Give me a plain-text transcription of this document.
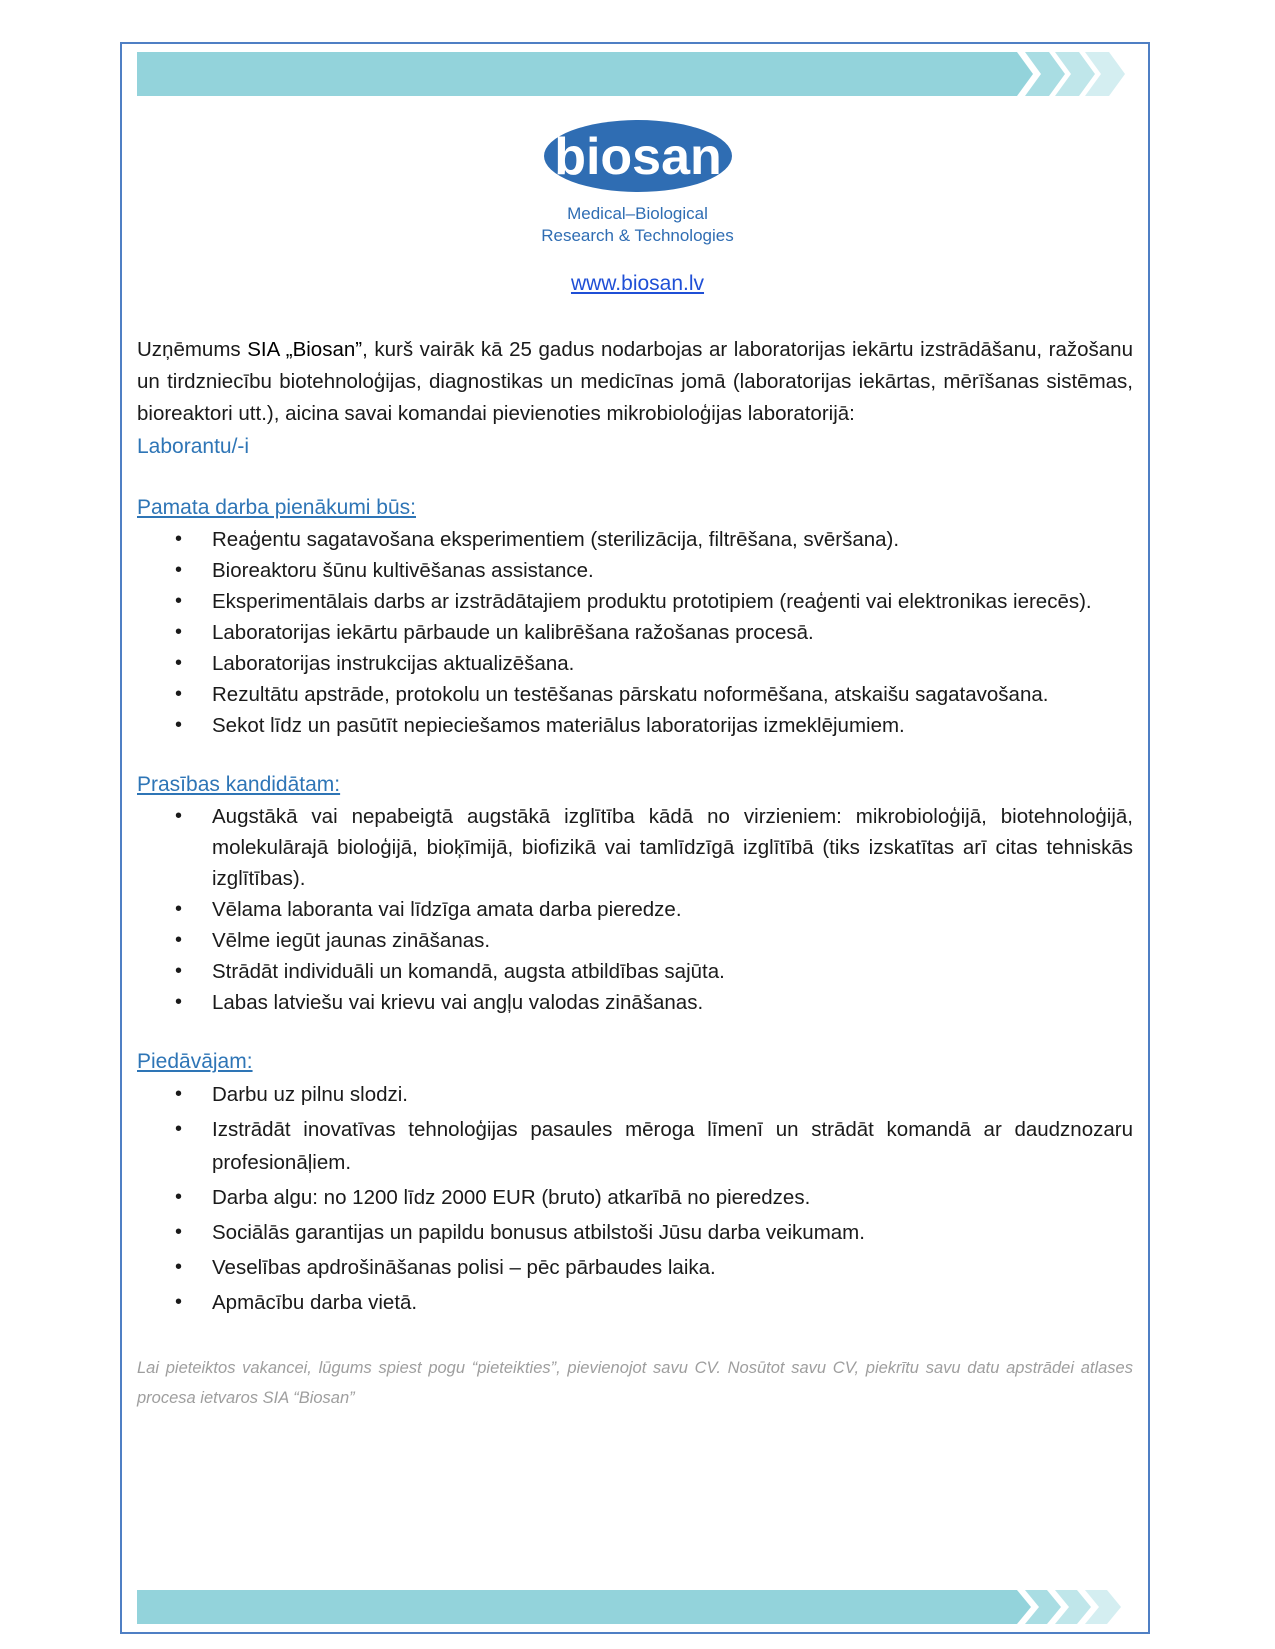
biosan
Medical–Biological
Research & Technologies
www.biosan.lv

Uzņēmums SIA „Biosan”, kurš vairāk kā 25 gadus nodarbojas ar laboratorijas iekārtu izstrādāšanu, ražošanu un tirdzniecību biotehnoloģijas, diagnostikas un medicīnas jomā (laboratorijas iekārtas, mērīšanas sistēmas, bioreaktori utt.), aicina savai komandai pievienoties mikrobioloģijas laboratorijā:

Laborantu/-i
Pamata darba pienākumi būs:
• Reaģentu sagatavošana eksperimentiem (sterilizācija, filtrēšana, svēršana).
• Bioreaktoru šūnu kultivēšanas assistance.
• Eksperimentālais darbs ar izstrādātajiem produktu prototipiem (reaģenti vai elektronikas ierecēs).
• Laboratorijas iekārtu pārbaude un kalibrēšana ražošanas procesā.
• Laboratorijas instrukcijas aktualizēšana.
• Rezultātu apstrāde, protokolu un testēšanas pārskatu noformēšana, atskaišu sagatavošana.
• Sekot līdz un pasūtīt nepieciešamos materiālus laboratorijas izmeklējumiem.
Prasības kandidātam:
• Augstākā vai nepabeigtā augstākā izglītība kādā no virzieniem: mikrobioloģijā, biotehnoloģijā, molekulārajā bioloģijā, bioķīmijā, biofizikā vai tamlīdzīgā izglītībā (tiks izskatītas arī citas tehniskās izglītības).
• Vēlama laboranta vai līdzīga amata darba pieredze.
• Vēlme iegūt jaunas zināšanas.
• Strādāt individuāli un komandā, augsta atbildības sajūta.
• Labas latviešu vai krievu vai angļu valodas zināšanas.
Piedāvājam:
• Darbu uz pilnu slodzi.
• Izstrādāt inovatīvas tehnoloģijas pasaules mēroga līmenī un strādāt komandā ar daudznozaru profesionāļiem.
• Darba algu: no 1200 līdz 2000 EUR (bruto) atkarībā no pieredzes.
• Sociālās garantijas un papildu bonusus atbilstoši Jūsu darba veikumam.
• Veselības apdrošināšanas polisi – pēc pārbaudes laika.
• Apmācību darba vietā.
Lai pieteiktos vakancei, lūgums spiest pogu “pieteikties”, pievienojot savu CV. Nosūtot savu CV, piekrītu savu datu apstrādei atlases procesa ietvaros SIA “Biosan”
